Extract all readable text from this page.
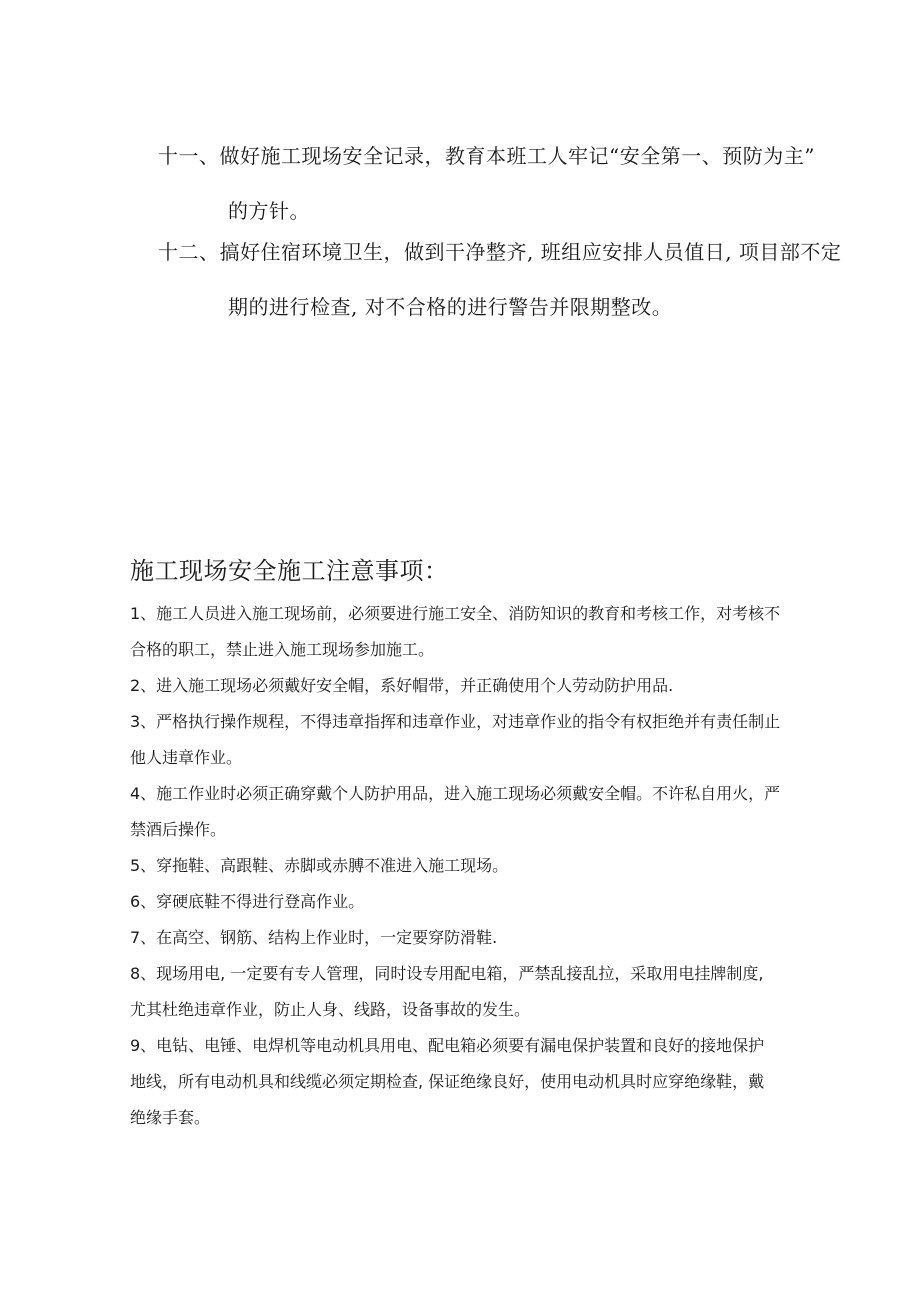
十一、做好施工现场安全记录，教育本班工人牢记“安全第一、预防为主”
的方针。
十二、搞好住宿环境卫生，做到干净整齐, 班组应安排人员值日, 项目部不定
期的进行检查, 对不合格的进行警告并限期整改。
施工现场安全施工注意事项：

1、施工人员进入施工现场前，必须要进行施工安全、消防知识的教育和考核工作，对考核不
合格的职工，禁止进入施工现场参加施工。

2、进入施工现场必须戴好安全帽，系好帽带，并正确使用个人劳动防护用品.

3、严格执行操作规程，不得违章指挥和违章作业，对违章作业的指令有权拒绝并有责任制止
他人违章作业。

4、施工作业时必须正确穿戴个人防护用品，进入施工现场必须戴安全帽。不许私自用火，严
禁酒后操作。

5、穿拖鞋、高跟鞋、赤脚或赤膊不准进入施工现场。

6、穿硬底鞋不得进行登高作业。

7、在高空、钢筋、结构上作业时，一定要穿防滑鞋.

8、现场用电, 一定要有专人管理，同时设专用配电箱，严禁乱接乱拉，采取用电挂牌制度,
尤其杜绝违章作业，防止人身、线路，设备事故的发生。

9、电钻、电锤、电焊机等电动机具用电、配电箱必须要有漏电保护装置和良好的接地保护
地线，所有电动机具和线缆必须定期检查, 保证绝缘良好，使用电动机具时应穿绝缘鞋，戴
绝缘手套。
